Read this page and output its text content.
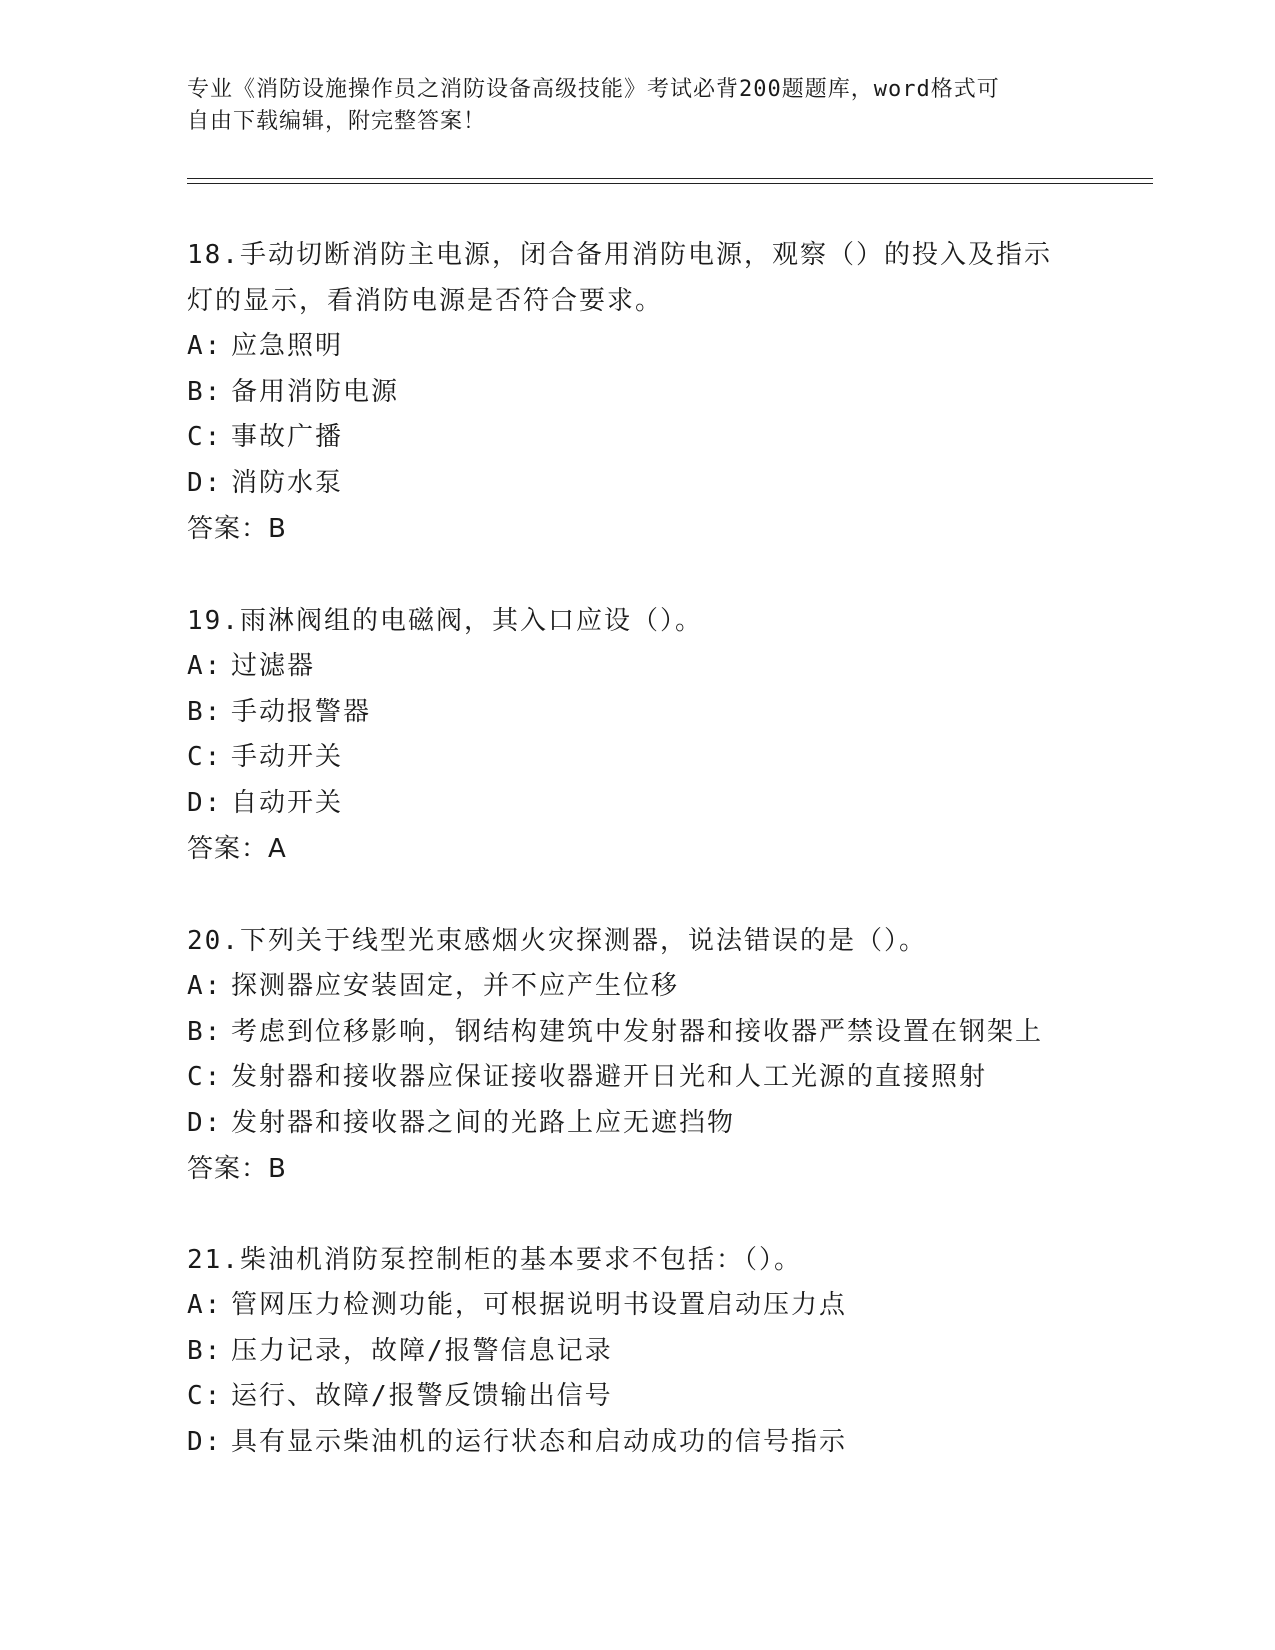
专业《消防设施操作员之消防设备高级技能》考试必背200题题库，word格式可
自由下载编辑，附完整答案！
18.手动切断消防主电源，闭合备用消防电源，观察（）的投入及指示
灯的显示，看消防电源是否符合要求。
A: 应急照明
B: 备用消防电源
C: 事故广播
D: 消防水泵
答案：B
19.雨淋阀组的电磁阀，其入口应设（）。
A: 过滤器
B: 手动报警器
C: 手动开关
D: 自动开关
答案：A
20.下列关于线型光束感烟火灾探测器，说法错误的是（）。
A: 探测器应安装固定，并不应产生位移
B: 考虑到位移影响，钢结构建筑中发射器和接收器严禁设置在钢架上
C: 发射器和接收器应保证接收器避开日光和人工光源的直接照射
D: 发射器和接收器之间的光路上应无遮挡物
答案：B
21.柴油机消防泵控制柜的基本要求不包括：（）。
A: 管网压力检测功能，可根据说明书设置启动压力点
B: 压力记录，故障/报警信息记录
C: 运行、故障/报警反馈输出信号
D: 具有显示柴油机的运行状态和启动成功的信号指示
